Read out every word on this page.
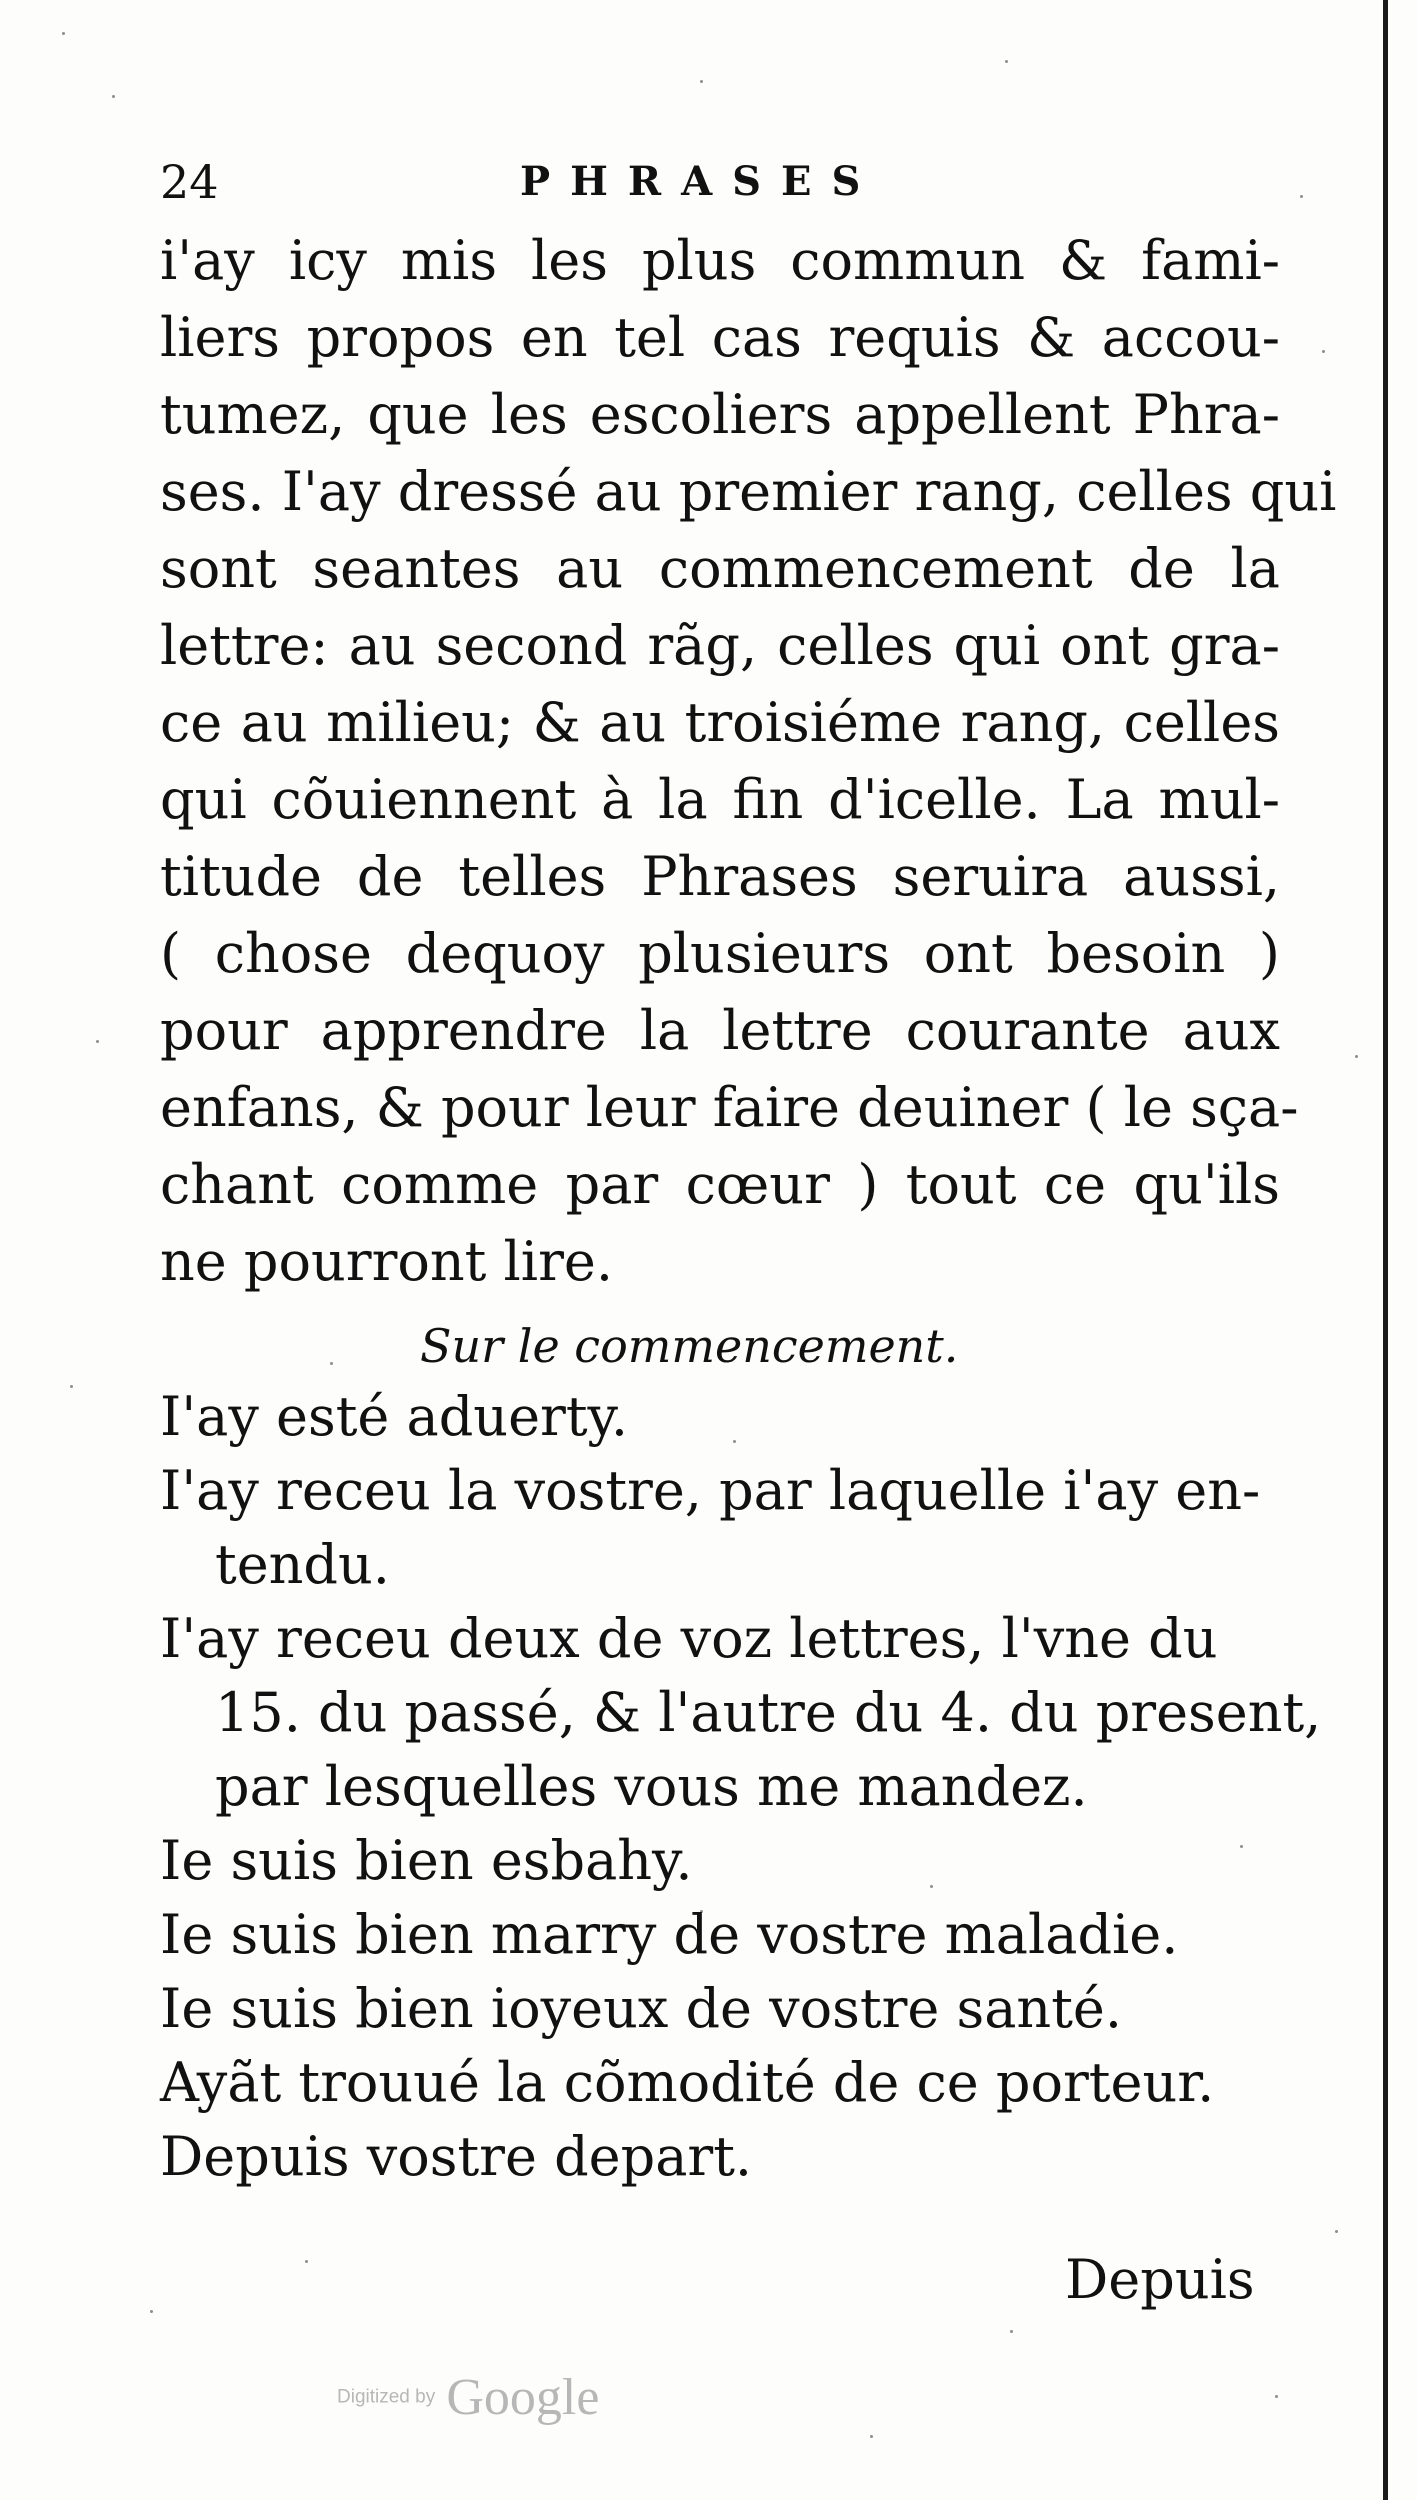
24	PHRASES
i'ay icy mis les plus commun & fami-
liers propos en tel cas requis & accou-
tumez, que les escoliers appellent Phra-
ses. I'ay dressé au premier rang, celles qui
sont seantes au commencement de la
lettre: au second rãg, celles qui ont gra-
ce au milieu; & au troisiéme rang, celles
qui cõuiennent à la fin d'icelle. La mul-
titude de telles Phrases seruira aussi,
( chose dequoy plusieurs ont besoin )
pour apprendre la lettre courante aux
enfans, & pour leur faire deuiner ( le sça-
chant comme par cœur ) tout ce qu'ils
ne pourront lire.
Sur le commencement.
I'ay esté aduerty.
I'ay receu la vostre, par laquelle i'ay en-
tendu.
I'ay receu deux de voz lettres, l'vne du
15. du passé, & l'autre du 4. du present,
par lesquelles vous me mandez.
Ie suis bien esbahy.
Ie suis bien marry de vostre maladie.
Ie suis bien ioyeux de vostre santé.
Ayãt trouué la cõmodité de ce porteur.
Depuis vostre depart.
Depuis
Digitized by Google
